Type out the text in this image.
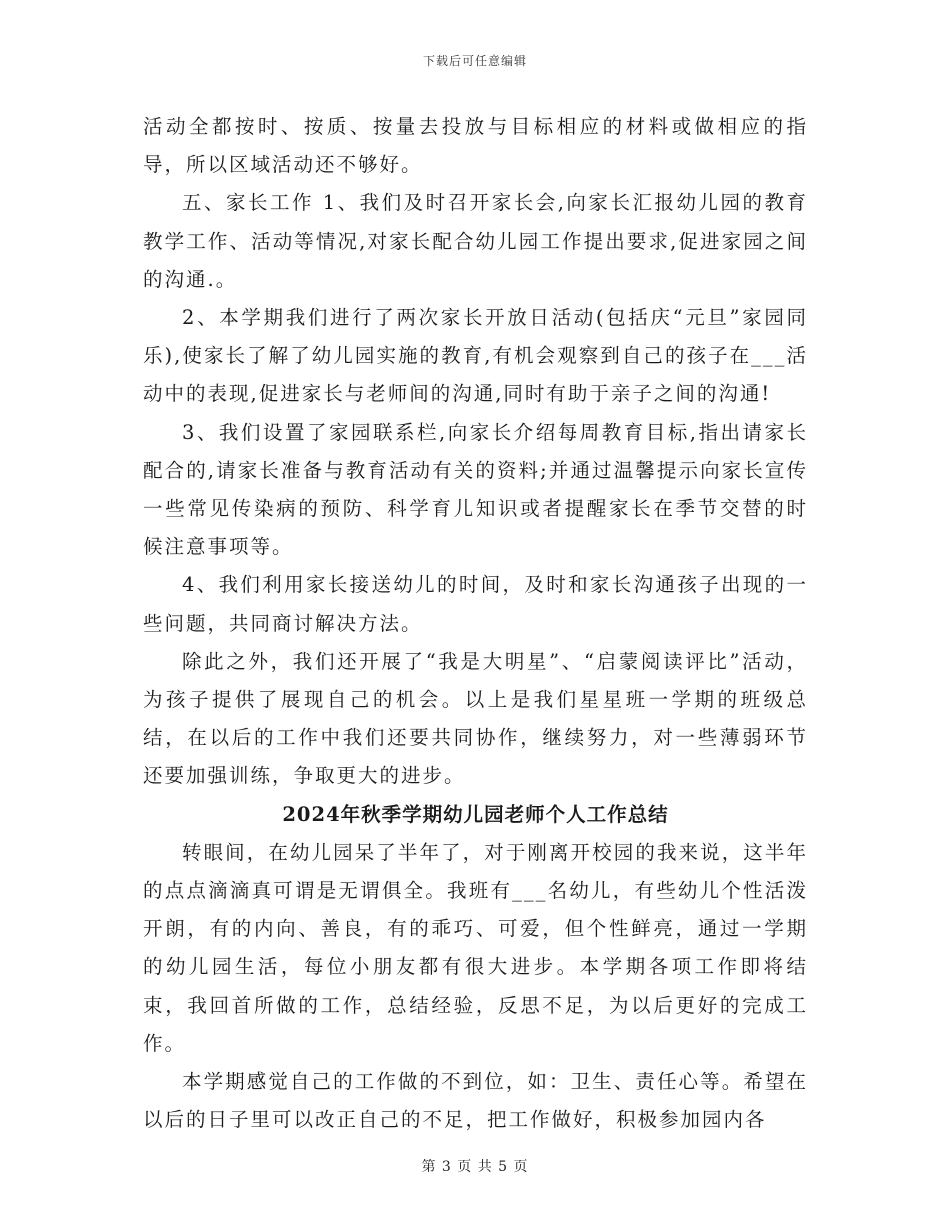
下载后可任意编辑

活动全都按时、按质、按量去投放与目标相应的材料或做相应的指导，所以区域活动还不够好。

五、家长工作 1、我们及时召开家长会,向家长汇报幼儿园的教育教学工作、活动等情况,对家长配合幼儿园工作提出要求,促进家园之间的沟通.。

2、本学期我们进行了两次家长开放日活动(包括庆“元旦”家园同乐),使家长了解了幼儿园实施的教育,有机会观察到自己的孩子在___活动中的表现,促进家长与老师间的沟通,同时有助于亲子之间的沟通!

3、我们设置了家园联系栏,向家长介绍每周教育目标,指出请家长配合的,请家长准备与教育活动有关的资料;并通过温馨提示向家长宣传一些常见传染病的预防、科学育儿知识或者提醒家长在季节交替的时候注意事项等。

4、我们利用家长接送幼儿的时间，及时和家长沟通孩子出现的一些问题，共同商讨解决方法。

除此之外，我们还开展了“我是大明星”、“启蒙阅读评比”活动，为孩子提供了展现自己的机会。以上是我们星星班一学期的班级总结，在以后的工作中我们还要共同协作，继续努力，对一些薄弱环节还要加强训练，争取更大的进步。

2024年秋季学期幼儿园老师个人工作总结

转眼间，在幼儿园呆了半年了，对于刚离开校园的我来说，这半年的点点滴滴真可谓是无谓俱全。我班有___名幼儿，有些幼儿个性活泼开朗，有的内向、善良，有的乖巧、可爱，但个性鲜亮，通过一学期的幼儿园生活，每位小朋友都有很大进步。本学期各项工作即将结束，我回首所做的工作，总结经验，反思不足，为以后更好的完成工作。

本学期感觉自己的工作做的不到位，如：卫生、责任心等。希望在以后的日子里可以改正自己的不足，把工作做好，积极参加园内各

第 3 页 共 5 页
